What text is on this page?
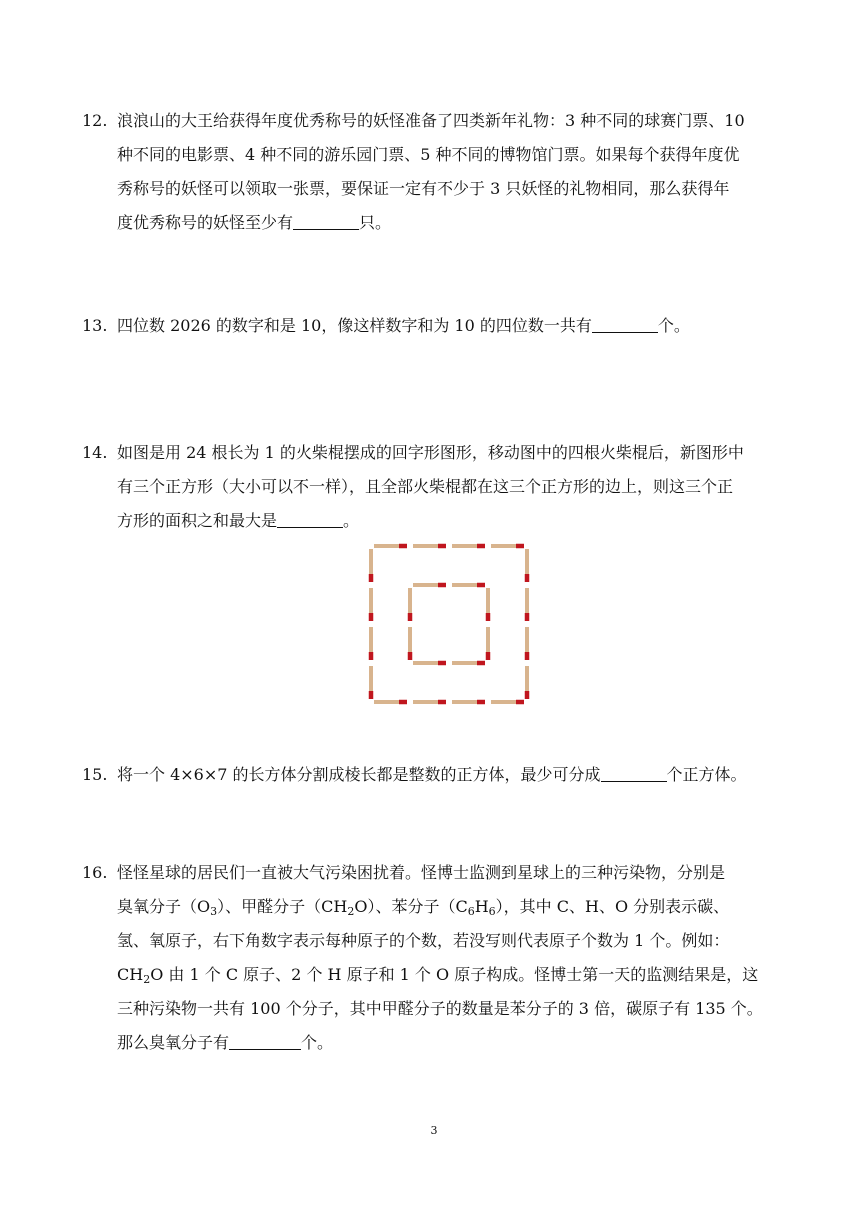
12. 浪浪山的大王给获得年度优秀称号的妖怪准备了四类新年礼物：3 种不同的球赛门票、10
种不同的电影票、4 种不同的游乐园门票、5 种不同的博物馆门票。如果每个获得年度优
秀称号的妖怪可以领取一张票，要保证一定有不少于 3 只妖怪的礼物相同，那么获得年
度优秀称号的妖怪至少有	只。
13. 四位数 2026 的数字和是 10，像这样数字和为 10 的四位数一共有	个。
14. 如图是用 24 根长为 1 的火柴棍摆成的回字形图形，移动图中的四根火柴棍后，新图形中
有三个正方形（大小可以不一样），且全部火柴棍都在这三个正方形的边上，则这三个正
方形的面积之和最大是	。
15. 将一个 4×6×7 的长方体分割成棱长都是整数的正方体，最少可分成	个正方体。
16. 怪怪星球的居民们一直被大气污染困扰着。怪博士监测到星球上的三种污染物，分别是
臭氧分子$(O_3)$、甲醛分子$(CH_2O)$、苯分子$(C_6H_6)$，其中 C、H、O 分别表示碳、
氢、氧原子，右下角数字表示每种原子的个数，若没写则代表原子个数为 1 个。例如：
$CH_2O$ 由 1 个 C 原子、2 个 H 原子和 1 个 O 原子构成。怪博士第一天的监测结果是，这
三种污染物一共有 100 个分子，其中甲醛分子的数量是苯分子的 3 倍，碳原子有 135 个。
那么臭氧分子有	个。
3
